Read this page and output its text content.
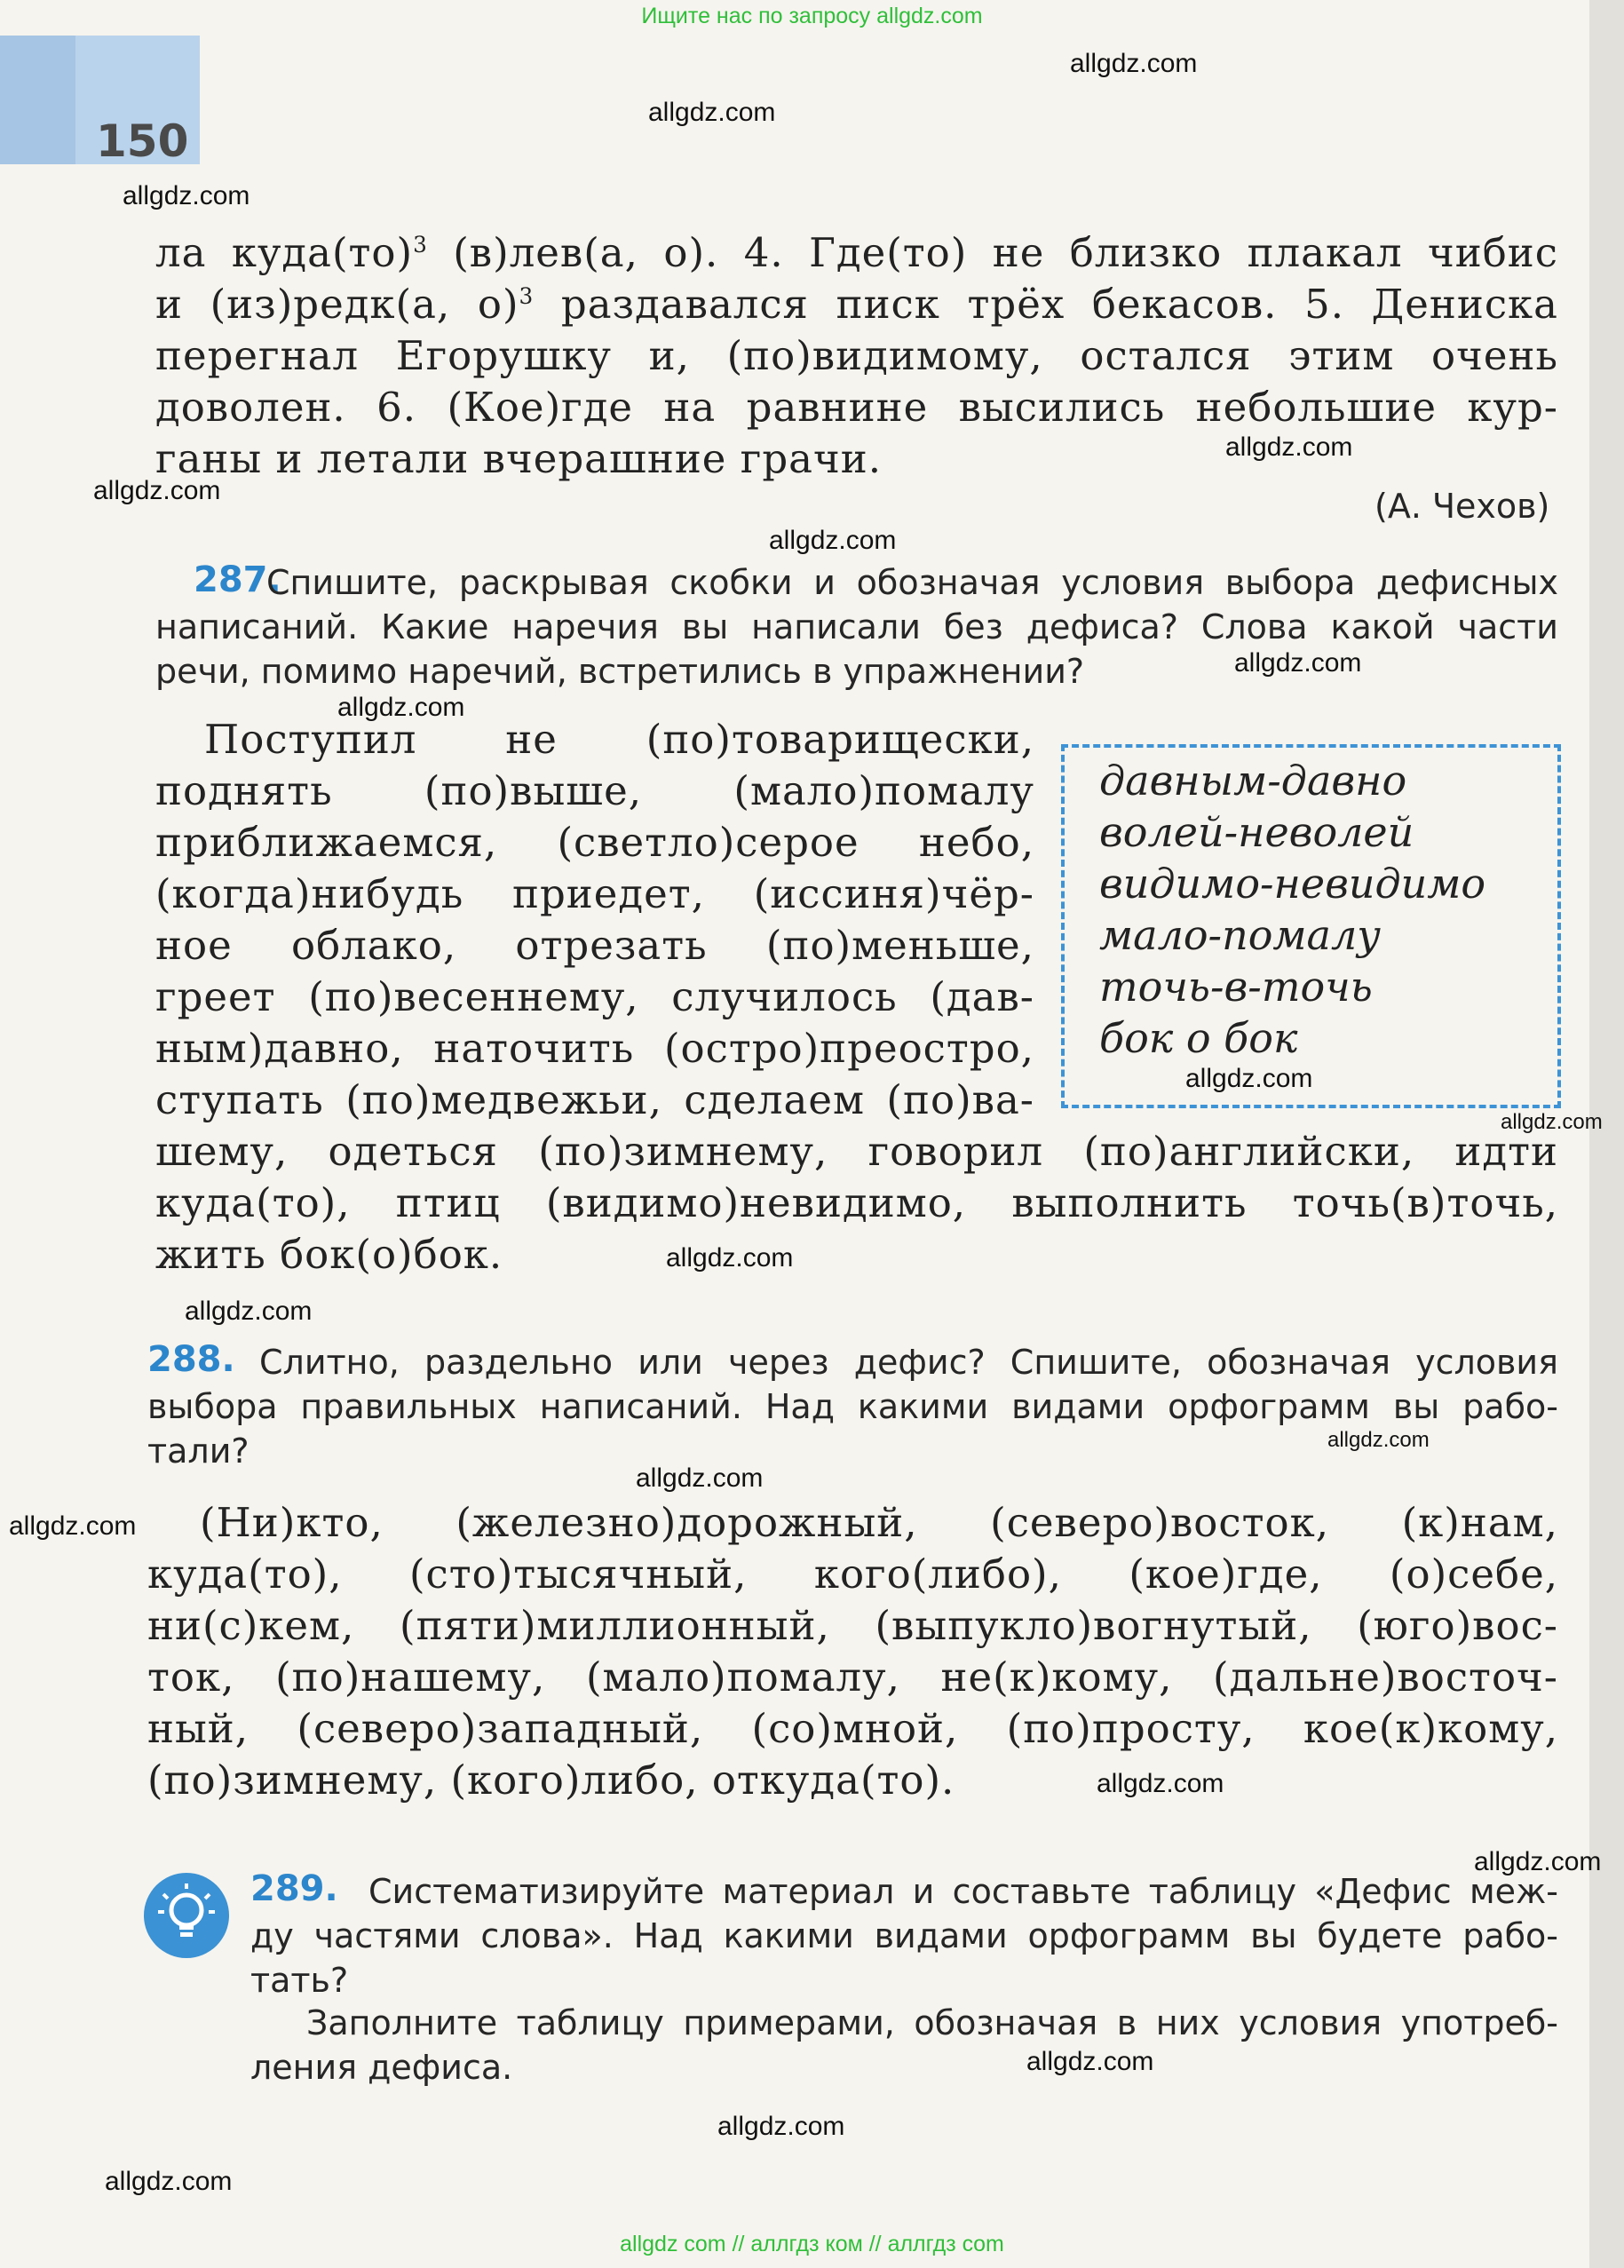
150
Ищите нас по запросу allgdz.com
allgdz com // аллгдз ком // аллгдз com
allgdz.com
allgdz.com
allgdz.com
allgdz.com
allgdz.com
allgdz.com
allgdz.com
allgdz.com
allgdz.com
allgdz.com
allgdz.com
allgdz.com
allgdz.com
allgdz.com
allgdz.com
allgdz.com
allgdz.com
allgdz.com
allgdz.com
allgdz.com
ла куда(то)$^3$ (в)лев(а, о). 4. Где(то) не близко плакал чибис
и (из)редк(а, о)$^3$ раздавался писк трёх бекасов. 5. Дениска
перегнал Егорушку и, (по)видимому, остался этим очень
доволен. 6. (Кое)где на равнине высились небольшие кур-
ганы и летали вчерашние грачи.
(А. Чехов)
287.
Спишите, раскрывая скобки и обозначая условия выбора дефисных
написаний. Какие наречия вы написали без дефиса? Слова какой части
речи, помимо наречий, встретились в упражнении?
Поступил не (по)товарищески,
поднять (по)выше, (мало)помалу
приближаемся, (светло)серое небо,
(когда)нибудь приедет, (иссиня)чёр-
ное облако, отрезать (по)меньше,
греет (по)весеннему, случилось (дав-
ным)давно, наточить (остро)преостро,
ступать (по)медвежьи, сделаем (по)ва-
шему, одеться (по)зимнему, говорил (по)английски, идти
куда(то), птиц (видимо)невидимо, выполнить точь(в)точь,
жить бок(о)бок.
давным-давно
волей-неволей
видимо-невидимо
мало-помалу
точь-в-точь
бок о бок
288. Слитно, раздельно или через дефис? Спишите, обозначая условия
выбора правильных написаний. Над какими видами орфограмм вы рабо-
тали?
(Ни)кто, (железно)дорожный, (северо)восток, (к)нам,
куда(то), (сто)тысячный, кого(либо), (кое)где, (о)себе,
ни(с)кем, (пяти)миллионный, (выпукло)вогнутый, (юго)вос-
ток, (по)нашему, (мало)помалу, не(к)кому, (дальне)восточ-
ный, (северо)западный, (со)мной, (по)просту, кое(к)кому,
(по)зимнему, (кого)либо, откуда(то).
289. Систематизируйте материал и составьте таблицу «Дефис меж-
ду частями слова». Над какими видами орфограмм вы будете рабо-
тать?
Заполните таблицу примерами, обозначая в них условия употреб-
ления дефиса.
